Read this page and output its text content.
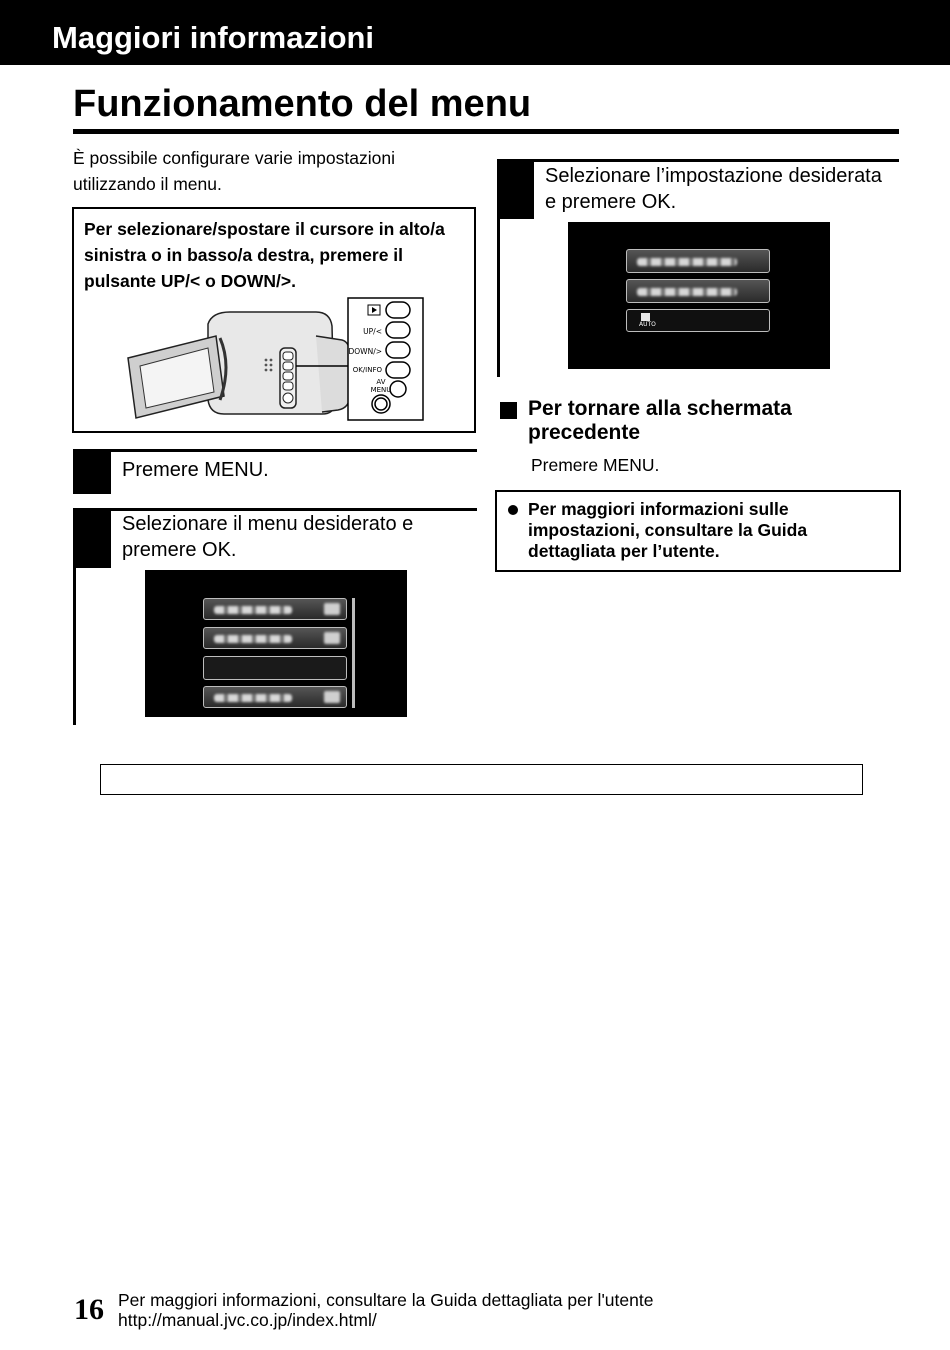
Maggiori informazioni
Funzionamento del menu
È possibile configurare varie impostazioni utilizzando il menu.
Per selezionare/spostare il cursore in alto/a sinistra o in basso/a destra, premere il pulsante UP/< o DOWN/>.
UP/<
DOWN/>
OK/INFO
AV
MENU
Premere MENU.
Selezionare il menu desiderato e premere OK.
Selezionare l’impostazione desiderata e premere OK.
AUTO
Per tornare alla schermata precedente
Premere MENU.
Per maggiori informazioni sulle impostazioni, consultare la Guida dettagliata per l’utente.
16 Per maggiori informazioni, consultare la Guida dettagliata per l'utente
http://manual.jvc.co.jp/index.html/
